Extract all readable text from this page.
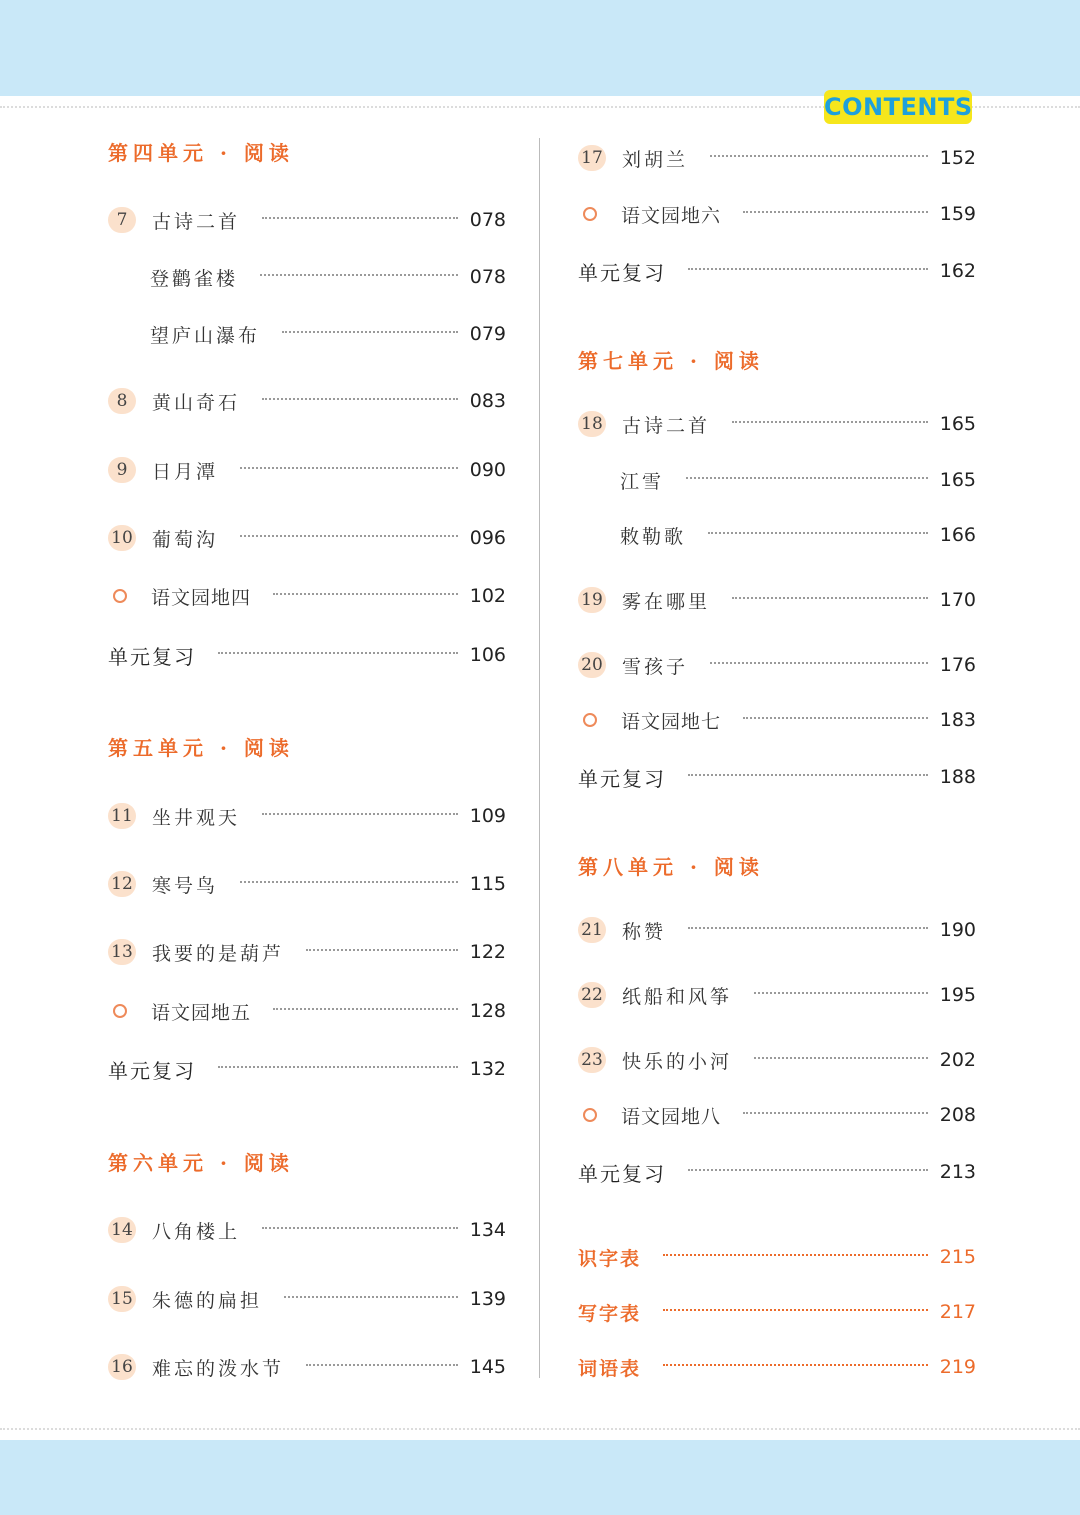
CONTENTS
第四单元 · 阅读
7	古诗二首	078
登鹳雀楼	078
望庐山瀑布	079
8	黄山奇石	083
9	日月潭	090
10 葡萄沟	096
语文园地四	102
单元复习	106
第五单元 · 阅读
11 坐井观天	109
12 寒号鸟	115
13 我要的是葫芦	122
语文园地五	128
单元复习	132
第六单元 · 阅读
14 八角楼上	134
15 朱德的扁担	139
16 难忘的泼水节	145
17 刘胡兰	152
语文园地六	159
单元复习	162
第七单元 · 阅读
18 古诗二首	165
江雪	165
敕勒歌	166
19 雾在哪里	170
20 雪孩子	176
语文园地七	183
单元复习	188
第八单元 · 阅读
21 称赞	190
22 纸船和风筝	195
23 快乐的小河	202
语文园地八	208
单元复习	213
识字表	215
写字表	217
词语表	219
